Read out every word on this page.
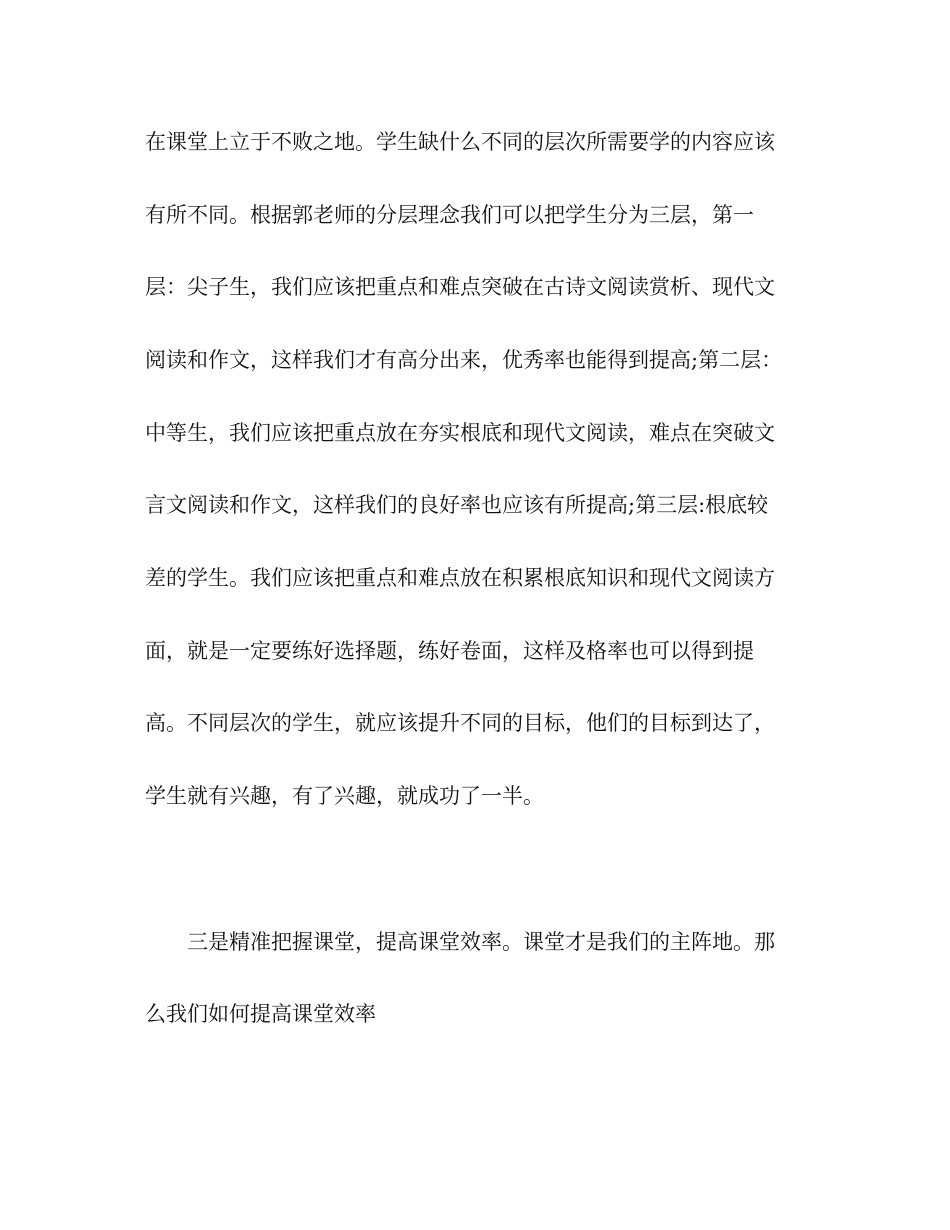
在课堂上立于不败之地。学生缺什么不同的层次所需要学的内容应该
有所不同。根据郭老师的分层理念我们可以把学生分为三层，第一
层：尖子生，我们应该把重点和难点突破在古诗文阅读赏析、现代文
阅读和作文，这样我们才有高分出来，优秀率也能得到提高;第二层：
中等生，我们应该把重点放在夯实根底和现代文阅读，难点在突破文
言文阅读和作文，这样我们的良好率也应该有所提高;第三层:根底较
差的学生。我们应该把重点和难点放在积累根底知识和现代文阅读方
面，就是一定要练好选择题，练好卷面，这样及格率也可以得到提
高。不同层次的学生，就应该提升不同的目标，他们的目标到达了，
学生就有兴趣，有了兴趣，就成功了一半。
三是精准把握课堂，提高课堂效率。课堂才是我们的主阵地。那
么我们如何提高课堂效率
